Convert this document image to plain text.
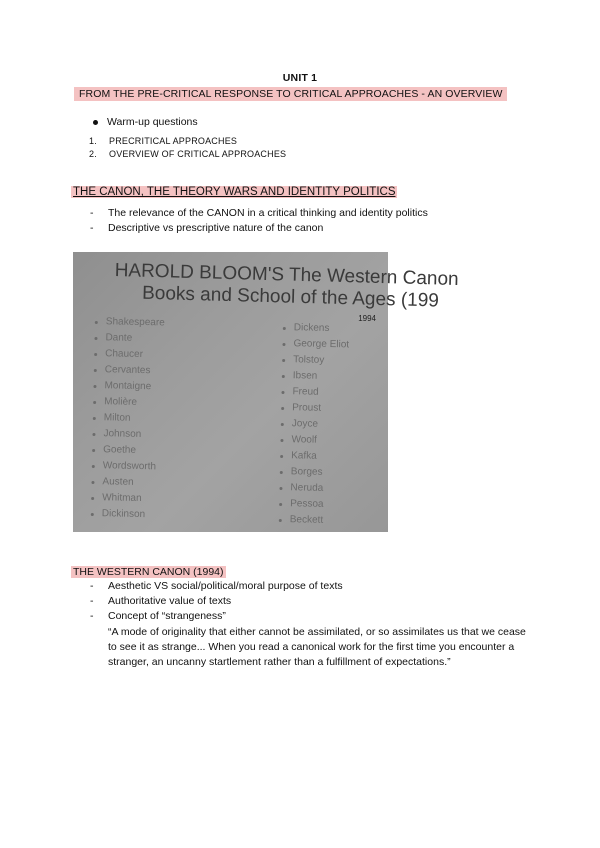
UNIT 1
FROM THE PRE-CRITICAL RESPONSE TO CRITICAL APPROACHES - AN OVERVIEW
Warm-up questions
1.	PRECRITICAL APPROACHES
2.	OVERVIEW OF CRITICAL APPROACHES
THE CANON, THE THEORY WARS AND IDENTITY POLITICS
-	The relevance of the CANON in a critical thinking and identity politics
-	Descriptive vs prescriptive nature of the canon
HAROLD BLOOM'S The Western Canon
Books and School of the Ages (199
1994
Shakespeare
Dante
Chaucer
Cervantes
Montaigne
Molière
Milton
Johnson
Goethe
Wordsworth
Austen
Whitman
Dickinson
Dickens
George Eliot
Tolstoy
Ibsen
Freud
Proust
Joyce
Woolf
Kafka
Borges
Neruda
Pessoa
Beckett
THE WESTERN CANON (1994)
-	Aesthetic VS social/political/moral purpose of texts
-	Authoritative value of texts
-	Concept of “strangeness”
“A mode of originality that either cannot be assimilated, or so assimilates us that we cease to see it as strange... When you read a canonical work for the first time you encounter a stranger, an uncanny startlement rather than a fulfillment of expectations.”
